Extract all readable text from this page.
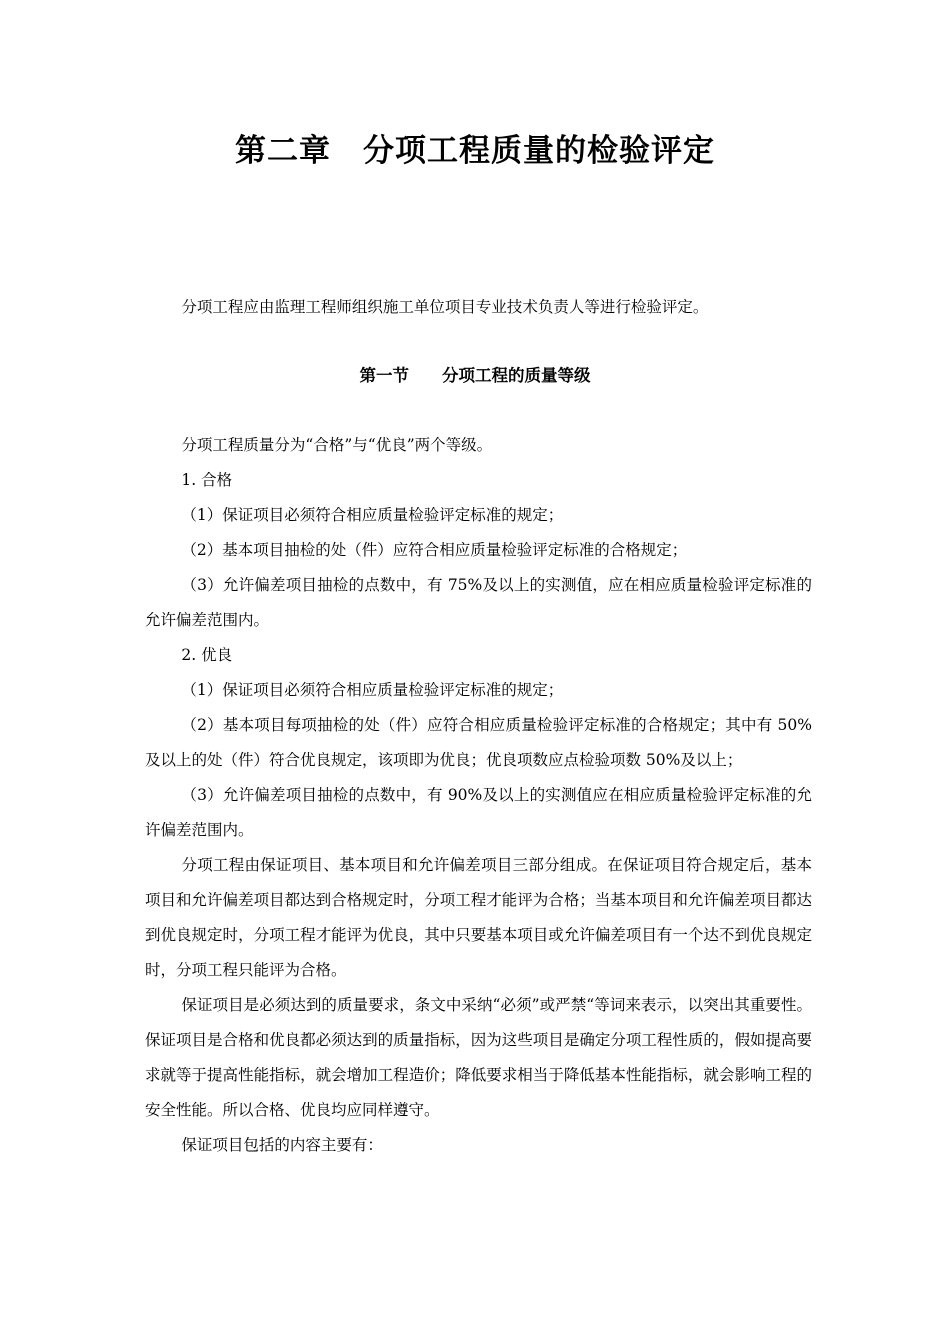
第二章　分项工程质量的检验评定

分项工程应由监理工程师组织施工单位项目专业技术负责人等进行检验评定。

第一节　　分项工程的质量等级

分项工程质量分为“合格”与“优良”两个等级。

1. 合格

（1）保证项目必须符合相应质量检验评定标准的规定；

（2）基本项目抽检的处（件）应符合相应质量检验评定标准的合格规定；

（3）允许偏差项目抽检的点数中，有 75%及以上的实测值，应在相应质量检验评定标准的允许偏差范围内。

2. 优良

（1）保证项目必须符合相应质量检验评定标准的规定；

（2）基本项目每项抽检的处（件）应符合相应质量检验评定标准的合格规定；其中有 50%及以上的处（件）符合优良规定，该项即为优良；优良项数应点检验项数 50%及以上；

（3）允许偏差项目抽检的点数中，有 90%及以上的实测值应在相应质量检验评定标准的允许偏差范围内。

分项工程由保证项目、基本项目和允许偏差项目三部分组成。在保证项目符合规定后，基本项目和允许偏差项目都达到合格规定时，分项工程才能评为合格；当基本项目和允许偏差项目都达到优良规定时，分项工程才能评为优良，其中只要基本项目或允许偏差项目有一个达不到优良规定时，分项工程只能评为合格。

保证项目是必须达到的质量要求，条文中采纳“必须”或严禁“等词来表示，以突出其重要性。保证项目是合格和优良都必须达到的质量指标，因为这些项目是确定分项工程性质的，假如提高要求就等于提高性能指标，就会增加工程造价；降低要求相当于降低基本性能指标，就会影响工程的安全性能。所以合格、优良均应同样遵守。

保证项目包括的内容主要有：
